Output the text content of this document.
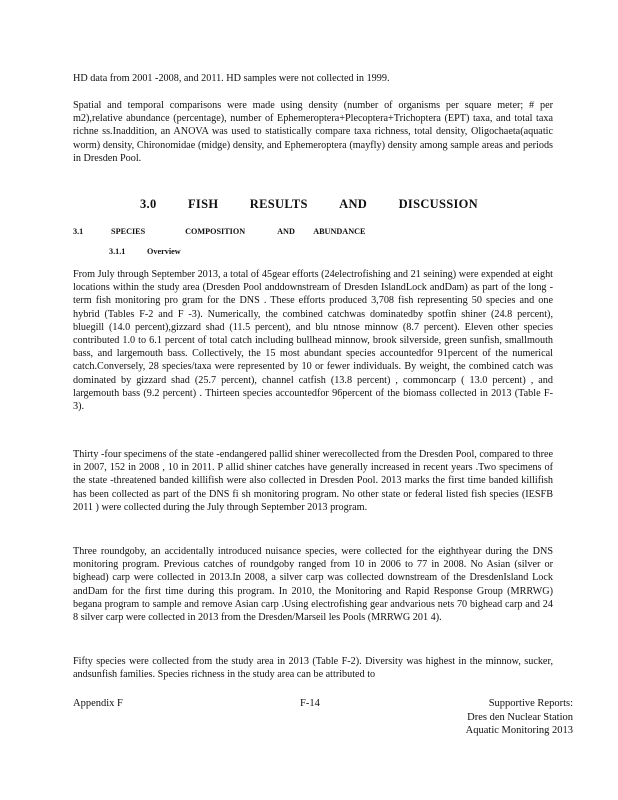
HD data from 2001 -2008, and 2011. HD samples were not collected in 1999.

Spatial and temporal comparisons were made using density (number of organisms per square meter; # per m2),relative abundance (percentage), number of Ephemeroptera+Plecoptera+Trichoptera (EPT) taxa, and total taxa richne ss.Inaddition, an ANOVA was used to statistically compare taxa richness, total density, Oligochaeta(aquatic worm) density, Chironomidae (midge) density, and Ephemeroptera (mayfly) density among sample areas and periods in Dresden Pool.

3.0	FISH	RESULTS	AND	DISCUSSION
3.1	SPECIES	COMPOSITION	AND ABUNDANCE
3.1.1	Overview

From July through September 2013, a total of 45gear efforts (24electrofishing and 21 seining) were expended at eight locations within the study area (Dresden Pool anddownstream of Dresden IslandLock andDam) as part of the long -term fish monitoring pro gram for the DNS . These efforts produced 3,708 fish representing 50 species and one hybrid (Tables F-2 and F -3). Numerically, the combined catchwas dominatedby spotfin shiner (24.8 percent), bluegill (14.0 percent),gizzard shad (11.5 percent), and blu ntnose minnow (8.7 percent). Eleven other species contributed 1.0 to 6.1 percent of total catch including bullhead minnow, brook silverside, green sunfish, smallmouth bass, and largemouth bass. Collectively, the 15 most abundant species accountedfor 91percent of the numerical catch.Conversely, 28 species/taxa were represented by 10 or fewer individuals. By weight, the combined catch was dominated by gizzard shad (25.7 percent), channel catfish (13.8 percent) , commoncarp ( 13.0 percent) , and largemouth bass (9.2 percent) . Thirteen species accountedfor 96percent of the biomass collected in 2013 (Table F- 3).

Thirty -four specimens of the state -endangered pallid shiner werecollected from the Dresden Pool, compared to three in 2007, 152 in 2008 , 10 in 2011. P allid shiner catches have generally increased in recent years .Two specimens of the state -threatened banded killifish were also collected in Dresden Pool. 2013 marks the first time banded killifish has been collected as part of the DNS fi sh monitoring program. No other state or federal listed fish species (IESFB 2011 ) were collected during the July through September 2013 program.

Three roundgoby, an accidentally introduced nuisance species, were collected for the eighthyear during the DNS monitoring program. Previous catches of roundgoby ranged from 10 in 2006 to 77 in 2008. No Asian (silver or bighead) carp were collected in 2013.In 2008, a silver carp was collected downstream of the DresdenIsland Lock andDam for the first time during this program. In 2010, the Monitoring and Rapid Response Group (MRRWG) begana program to sample and remove Asian carp .Using electrofishing gear andvarious nets 70 bighead carp and 24 8 silver carp were collected in 2013 from the Dresden/Marseil les Pools (MRRWG 201 4).

Fifty species were collected from the study area in 2013 (Table F-2). Diversity was highest in the minnow, sucker, andsunfish families. Species richness in the study area can be attributed to

Appendix F	F-14	Supportive Reports:
Dres den Nuclear Station
Aquatic Monitoring 2013
